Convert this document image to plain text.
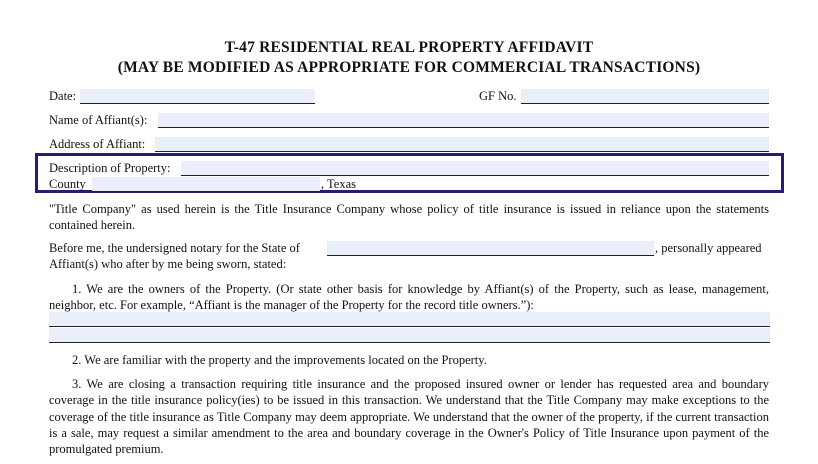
T-47 RESIDENTIAL REAL PROPERTY AFFIDAVIT
(MAY BE MODIFIED AS APPROPRIATE FOR COMMERCIAL TRANSACTIONS)
Date:	GF No.
Name of Affiant(s):
Address of Affiant:
Description of Property:
County	, Texas
"Title Company" as used herein is the Title Insurance Company whose policy of title insurance is issued in reliance upon the statements contained herein.
Before me, the undersigned notary for the State of	, personally appeared
Affiant(s) who after by me being sworn, stated:
1. We are the owners of the Property. (Or state other basis for knowledge by Affiant(s) of the Property, such as lease, management, neighbor, etc. For example, “Affiant is the manager of the Property for the record title owners.”):
2. We are familiar with the property and the improvements located on the Property.
3. We are closing a transaction requiring title insurance and the proposed insured owner or lender has requested area and boundary coverage in the title insurance policy(ies) to be issued in this transaction. We understand that the Title Company may make exceptions to the coverage of the title insurance as Title Company may deem appropriate. We understand that the owner of the property, if the current transaction is a sale, may request a similar amendment to the area and boundary coverage in the Owner's Policy of Title Insurance upon payment of the promulgated premium.
